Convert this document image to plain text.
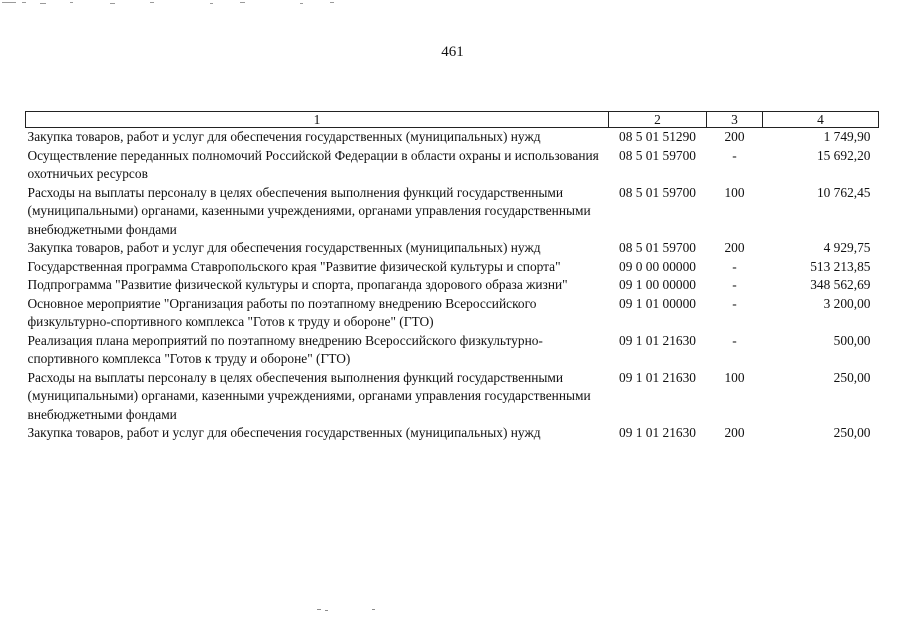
461
1	2	3	4
Закупка товаров, работ и услуг для обеспечения государственных (муниципальных) нужд	08 5 01 51290	200	1 749,90
Осуществление переданных полномочий Российской Федерации в области охраны и использования охотничьих ресурсов	08 5 01 59700	-	15 692,20
Расходы на выплаты персоналу в целях обеспечения выполнения функций государственными (муниципальными) органами, казенными учреждениями, органами управления государственными внебюджетными фондами	08 5 01 59700	100	10 762,45
Закупка товаров, работ и услуг для обеспечения государственных (муниципальных) нужд	08 5 01 59700	200	4 929,75
Государственная программа Ставропольского края "Развитие физической культуры и спорта"	09 0 00 00000	-	513 213,85
Подпрограмма "Развитие физической культуры и спорта, пропаганда здорового образа жизни"	09 1 00 00000	-	348 562,69
Основное мероприятие "Организация работы по поэтапному внедрению Всероссийского физкультурно-спортивного комплекса "Готов к труду и обороне" (ГТО)	09 1 01 00000	-	3 200,00
Реализация плана мероприятий по поэтапному внедрению Всероссийского физкультурно-спортивного комплекса "Готов к труду и обороне" (ГТО)	09 1 01 21630	-	500,00
Расходы на выплаты персоналу в целях обеспечения выполнения функций государственными (муниципальными) органами, казенными учреждениями, органами управления государственными внебюджетными фондами	09 1 01 21630	100	250,00
Закупка товаров, работ и услуг для обеспечения государственных (муниципальных) нужд	09 1 01 21630	200	250,00
